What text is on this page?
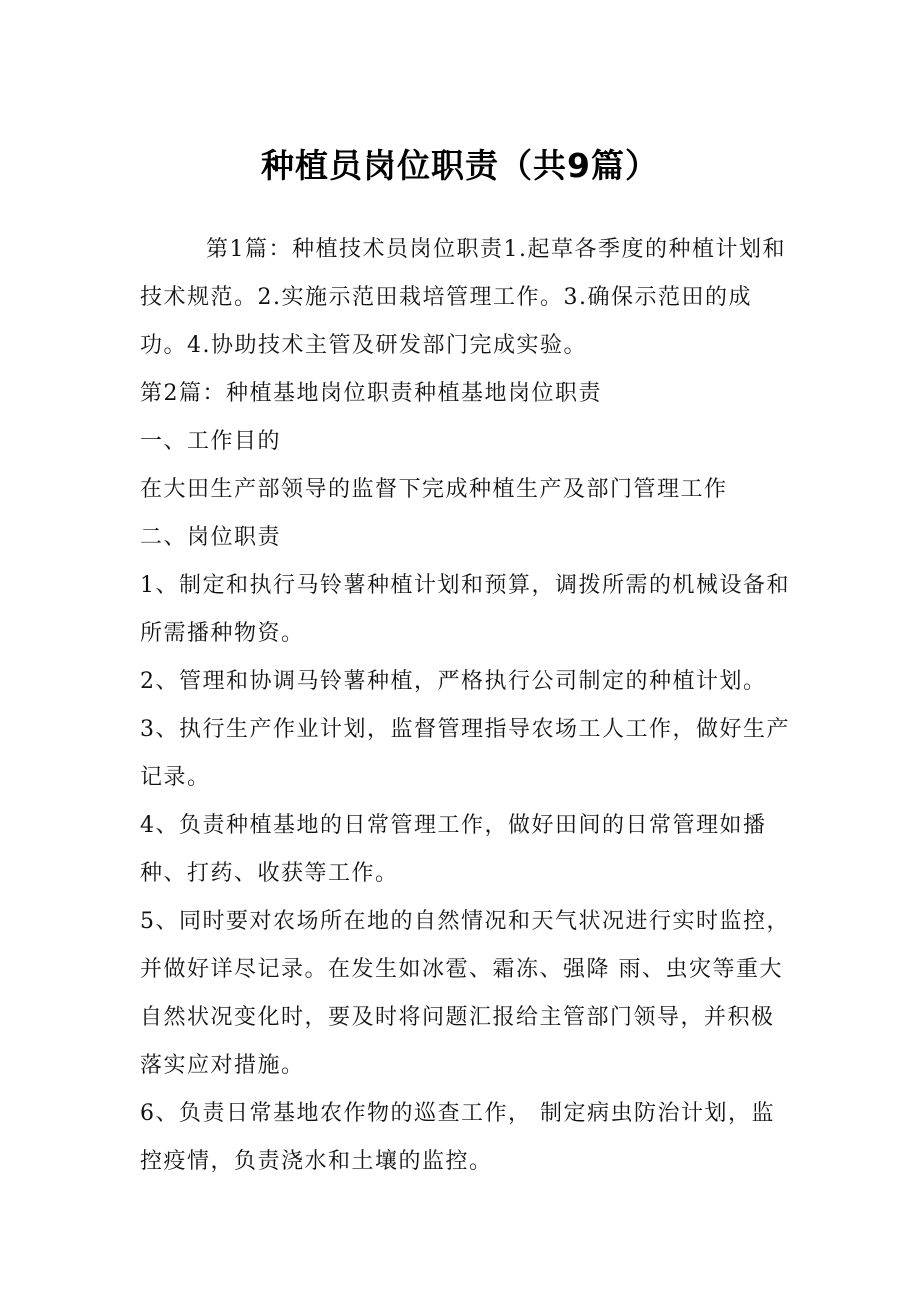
种植员岗位职责（共9篇）

第1篇：种植技术员岗位职责1.起草各季度的种植计划和技术规范。2.实施示范田栽培管理工作。3.确保示范田的成功。4.协助技术主管及研发部门完成实验。

第2篇：种植基地岗位职责种植基地岗位职责

一、工作目的

在大田生产部领导的监督下完成种植生产及部门管理工作

二、岗位职责

1、制定和执行马铃薯种植计划和预算，调拨所需的机械设备和所需播种物资。

2、管理和协调马铃薯种植，严格执行公司制定的种植计划。

3、执行生产作业计划，监督管理指导农场工人工作，做好生产记录。

4、负责种植基地的日常管理工作，做好田间的日常管理如播种、打药、收获等工作。

5、同时要对农场所在地的自然情况和天气状况进行实时监控，并做好详尽记录。在发生如冰雹、霜冻、强降 雨、虫灾等重大自然状况变化时，要及时将问题汇报给主管部门领导，并积极落实应对措施。

6、负责日常基地农作物的巡查工作， 制定病虫防治计划，监控疫情，负责浇水和土壤的监控。
